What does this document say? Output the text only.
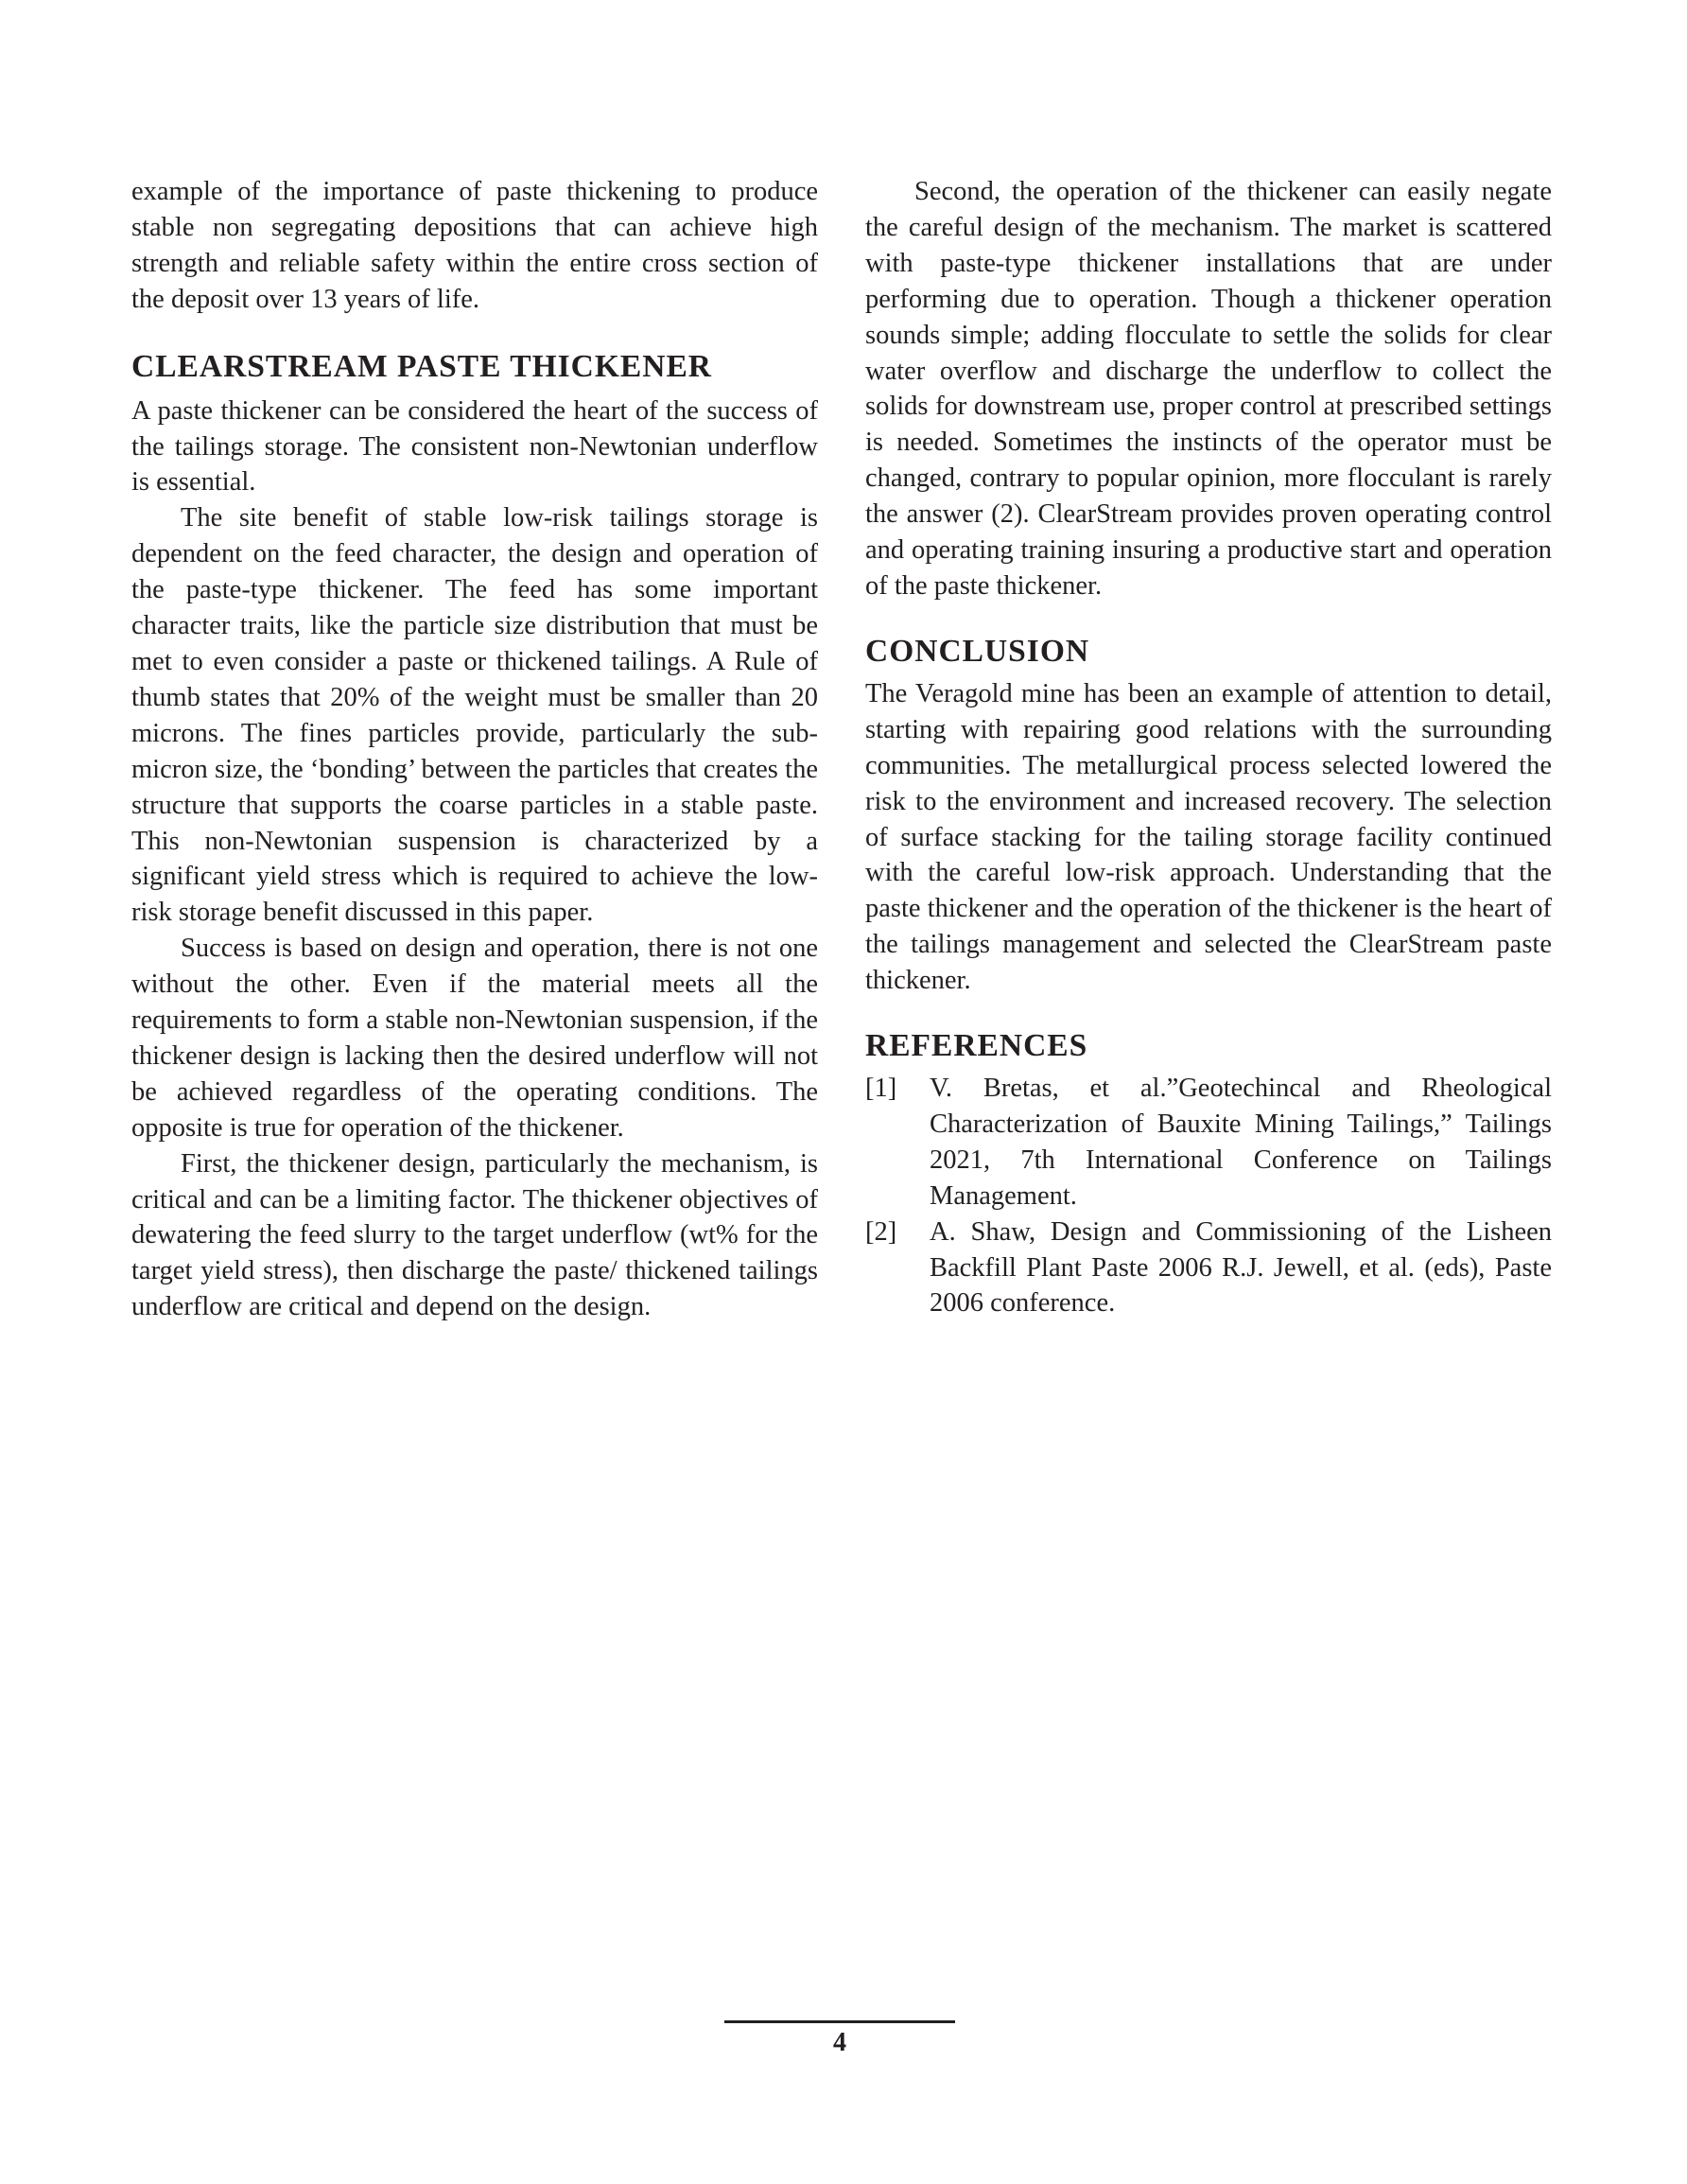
example of the importance of paste thickening to produce stable non segregating depositions that can achieve high strength and reliable safety within the entire cross section of the deposit over 13 years of life.

CLEARSTREAM PASTE THICKENER

A paste thickener can be considered the heart of the success of the tailings storage. The consistent non-Newtonian underflow is essential.

The site benefit of stable low-risk tailings storage is dependent on the feed character, the design and operation of the paste-type thickener. The feed has some important character traits, like the particle size distribution that must be met to even consider a paste or thickened tailings. A Rule of thumb states that 20% of the weight must be smaller than 20 microns. The fines particles provide, particularly the sub-micron size, the ‘bonding’ between the particles that creates the structure that supports the coarse particles in a stable paste. This non-Newtonian suspension is characterized by a significant yield stress which is required to achieve the low-risk storage benefit discussed in this paper.

Success is based on design and operation, there is not one without the other. Even if the material meets all the requirements to form a stable non-Newtonian suspension, if the thickener design is lacking then the desired underflow will not be achieved regardless of the operating conditions. The opposite is true for operation of the thickener.

First, the thickener design, particularly the mechanism, is critical and can be a limiting factor. The thickener objectives of dewatering the feed slurry to the target underflow (wt% for the target yield stress), then discharge the paste/ thickened tailings underflow are critical and depend on the design.

Second, the operation of the thickener can easily negate the careful design of the mechanism. The market is scattered with paste-type thickener installations that are under performing due to operation. Though a thickener operation sounds simple; adding flocculate to settle the solids for clear water overflow and discharge the underflow to collect the solids for downstream use, proper control at prescribed settings is needed. Sometimes the instincts of the operator must be changed, contrary to popular opinion, more flocculant is rarely the answer (2). ClearStream provides proven operating control and operating training insuring a productive start and operation of the paste thickener.

CONCLUSION

The Veragold mine has been an example of attention to detail, starting with repairing good relations with the surrounding communities. The metallurgical process selected lowered the risk to the environment and increased recovery. The selection of surface stacking for the tailing storage facility continued with the careful low-risk approach. Understanding that the paste thickener and the operation of the thickener is the heart of the tailings management and selected the ClearStream paste thickener.

REFERENCES
[1]	V. Bretas, et al.”Geotechincal and Rheological Characterization of Bauxite Mining Tailings,” Tailings 2021, 7th International Conference on Tailings Management.
[2]	A. Shaw, Design and Commissioning of the Lisheen Backfill Plant Paste 2006 R.J. Jewell, et al. (eds), Paste 2006 conference.
4
